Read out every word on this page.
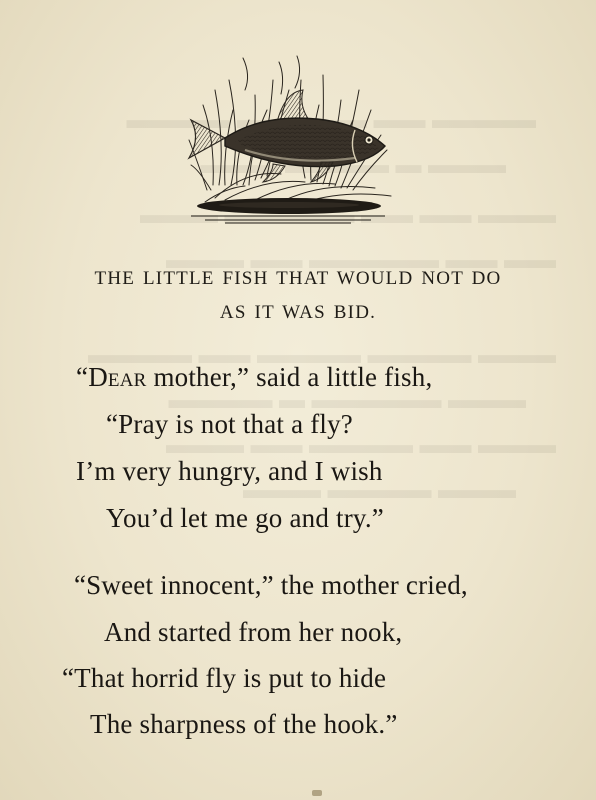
▬▬▬▬ ▬▬ ▬▬▬▬▬ ▬▬▬▬
▬▬▬ ▬ ▬▬▬▬ ▬▬▬
▬▬▬ ▬▬ ▬▬ ▬▬▬▬▬ ▬▬▬
▬▬ ▬▬ ▬▬▬▬▬ ▬▬ ▬▬▬
▬▬▬ ▬▬▬▬ ▬▬▬▬ ▬▬ ▬▬▬▬
▬▬▬ ▬▬▬▬▬ ▬ ▬▬▬▬
▬▬▬ ▬▬ ▬▬▬▬ ▬▬ ▬▬▬
▬▬▬ ▬▬▬▬ ▬▬▬
THE LITTLE FISH THAT WOULD NOT DO
AS IT WAS BID.
“Dear mother,” said a little fish,
“Pray is not that a fly?
I’m very hungry, and I wish
You’d let me go and try.”
“Sweet innocent,” the mother cried,
And started from her nook,
“That horrid fly is put to hide
The sharpness of the hook.”
